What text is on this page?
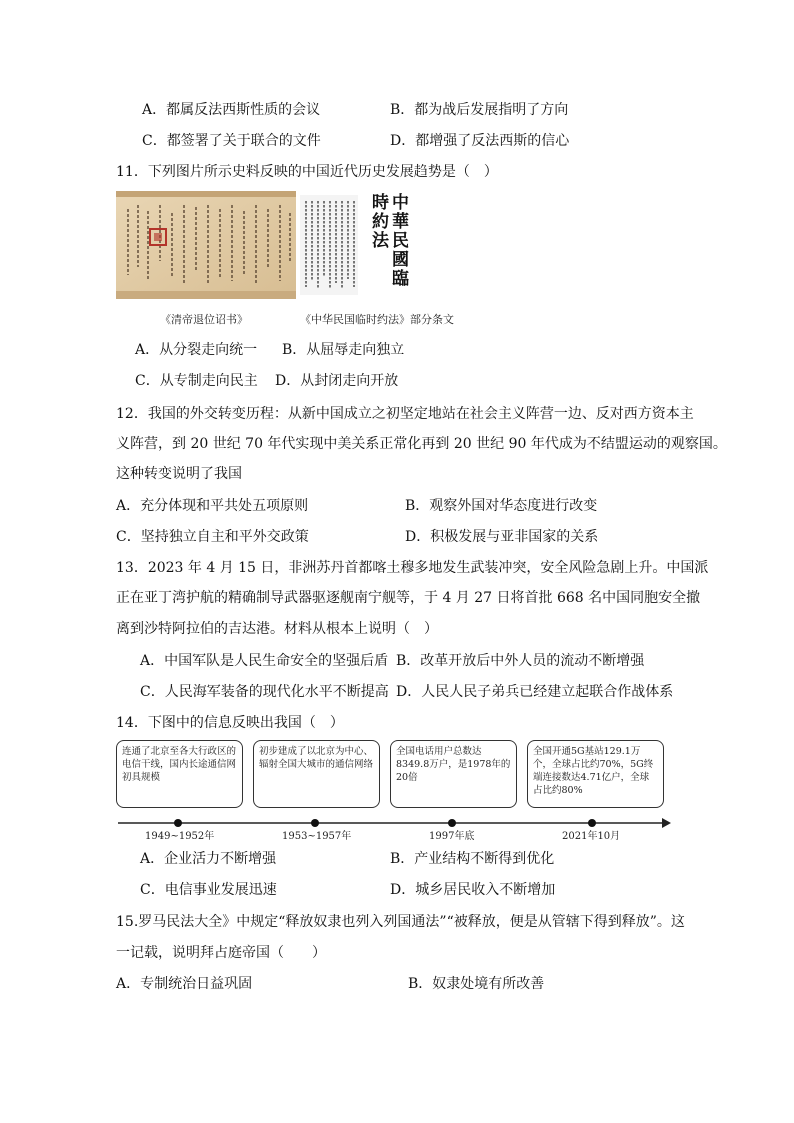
A．都属反法西斯性质的会议	B．都为战后发展指明了方向
C．都签署了关于联合的文件	D．都增强了反法西斯的信心
11．下列图片所示史料反映的中国近代历史发展趋势是（　）
中華民國臨時約法
《清帝退位诏书》	《中华民国临时约法》部分条文
A．从分裂走向统一 B．从屈辱走向独立
C．从专制走向民主 D．从封闭走向开放
12．我国的外交转变历程：从新中国成立之初坚定地站在社会主义阵营一边、反对西方资本主
义阵营，到 20 世纪 70 年代实现中美关系正常化再到 20 世纪 90 年代成为不结盟运动的观察国。
这种转变说明了我国
A．充分体现和平共处五项原则	B．观察外国对华态度进行改变
C．坚持独立自主和平外交政策	D．积极发展与亚非国家的关系
13．2023 年 4 月 15 日，非洲苏丹首都喀土穆多地发生武装冲突，安全风险急剧上升。中国派
正在亚丁湾护航的精确制导武器驱逐舰南宁舰等，于 4 月 27 日将首批 668 名中国同胞安全撤
离到沙特阿拉伯的吉达港。材料从根本上说明（　）
A．中国军队是人民生命安全的坚强后盾 B．改革开放后中外人员的流动不断增强
C．人民海军装备的现代化水平不断提高 D．人民人民子弟兵已经建立起联合作战体系
14．下图中的信息反映出我国（　）
连通了北京至各大行政区的电信干线，国内长途通信网初具规模
初步建成了以北京为中心、辐射全国大城市的通信网络
全国电话用户总数达8349.8万户，是1978年的20倍
全国开通5G基站129.1万个，全球占比约70%，5G终端连接数达4.71亿户，全球占比约80%
1949~1952年	1953~1957年	1997年底	2021年10月
A．企业活力不断增强	B．产业结构不断得到优化
C．电信事业发展迅速	D．城乡居民收入不断增加
15.罗马民法大全》中规定“释放奴隶也列入列国通法”“被释放，便是从管辖下得到释放”。这
一记载，说明拜占庭帝国（　　）
A．专制统治日益巩固	B．奴隶处境有所改善
